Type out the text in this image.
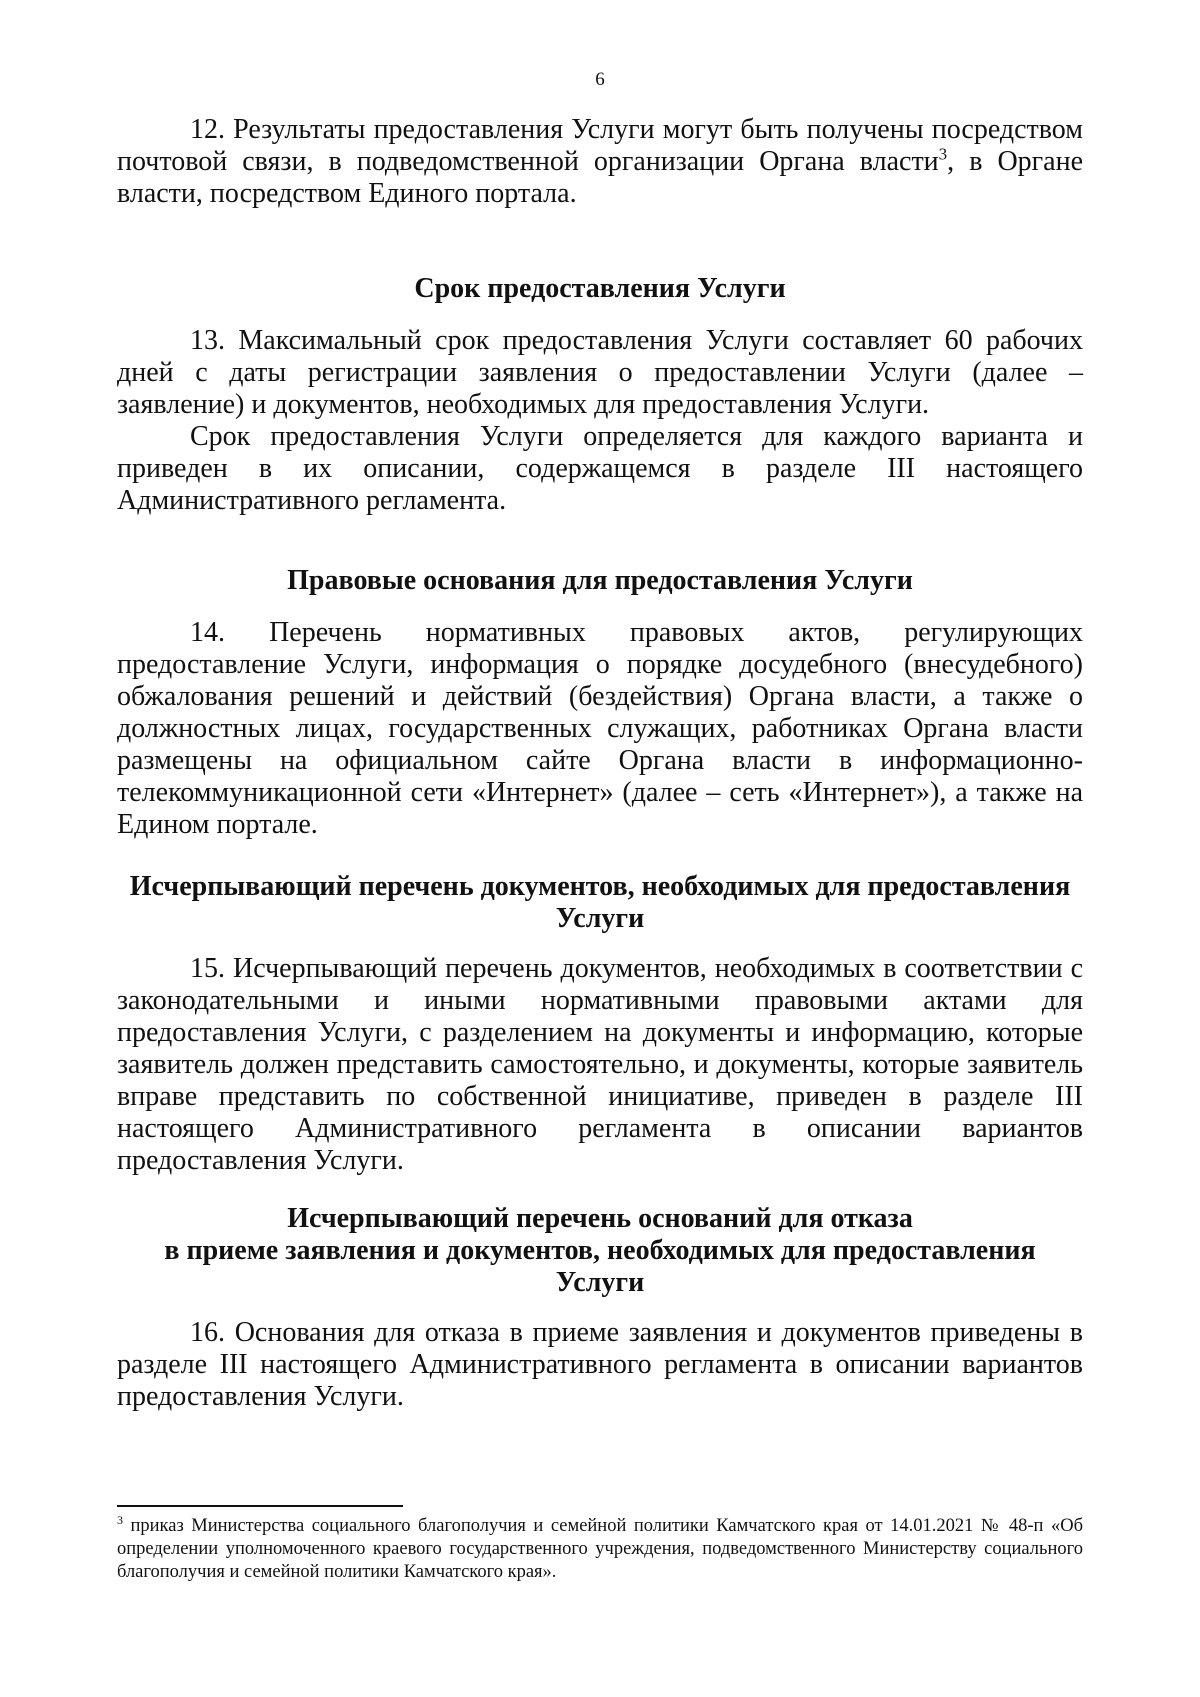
6

12. Результаты предоставления Услуги могут быть получены посредством почтовой связи, в подведомственной организации Органа власти$^3$, в Органе власти, посредством Единого портала.

Срок предоставления Услуги

13. Максимальный срок предоставления Услуги составляет 60 рабочих дней с даты регистрации заявления о предоставлении Услуги (далее – заявление) и документов, необходимых для предоставления Услуги.

Срок предоставления Услуги определяется для каждого варианта и приведен в их описании, содержащемся в разделе III настоящего Административного регламента.

Правовые основания для предоставления Услуги

14. Перечень нормативных правовых актов, регулирующих предоставление Услуги, информация о порядке досудебного (внесудебного) обжалования решений и действий (бездействия) Органа власти, а также о должностных лицах, государственных служащих, работниках Органа власти размещены на официальном сайте Органа власти в информационно-телекоммуникационной сети «Интернет» (далее – сеть «Интернет»), а также на Едином портале.

Исчерпывающий перечень документов, необходимых для предоставления
Услуги

15. Исчерпывающий перечень документов, необходимых в соответствии с законодательными и иными нормативными правовыми актами для предоставления Услуги, с разделением на документы и информацию, которые заявитель должен представить самостоятельно, и документы, которые заявитель вправе представить по собственной инициативе, приведен в разделе III настоящего Административного регламента в описании вариантов предоставления Услуги.

Исчерпывающий перечень оснований для отказа
в приеме заявления и документов, необходимых для предоставления Услуги

16. Основания для отказа в приеме заявления и документов приведены в разделе III настоящего Административного регламента в описании вариантов предоставления Услуги.

$^3$ приказ Министерства социального благополучия и семейной политики Камчатского края от 14.01.2021 № 48-п «Об определении уполномоченного краевого государственного учреждения, подведомственного Министерству социального благополучия и семейной политики Камчатского края».
